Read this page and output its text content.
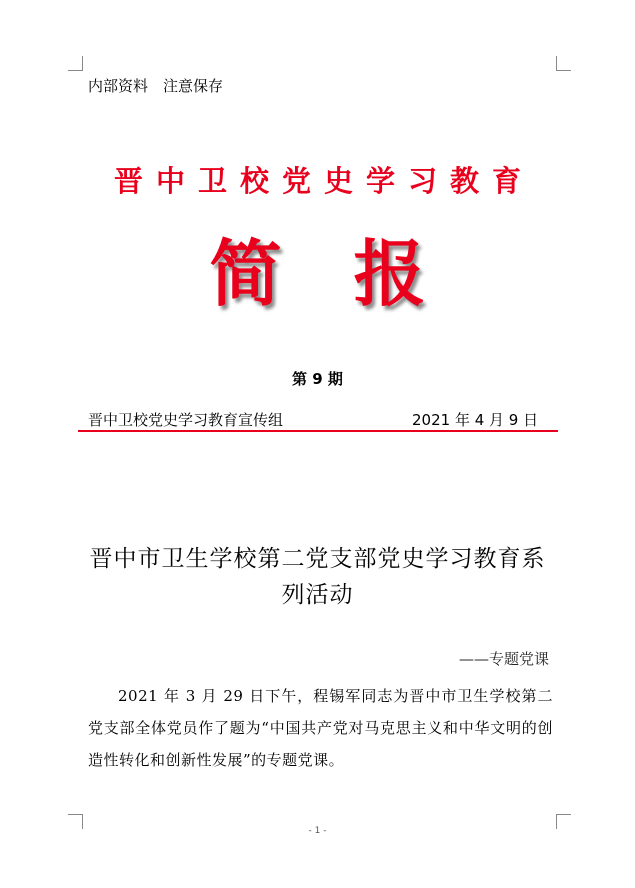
内部资料　注意保存
晋中卫校党史学习教育
简　报
第 9 期
晋中卫校党史学习教育宣传组	2021 年 4 月 9 日
晋中市卫生学校第二党支部党史学习教育系列活动
——专题党课
2021 年 3 月 29 日下午，程锡军同志为晋中市卫生学校第二党支部全体党员作了题为“中国共产党对马克思主义和中华文明的创造性转化和创新性发展”的专题党课。
- 1 -
